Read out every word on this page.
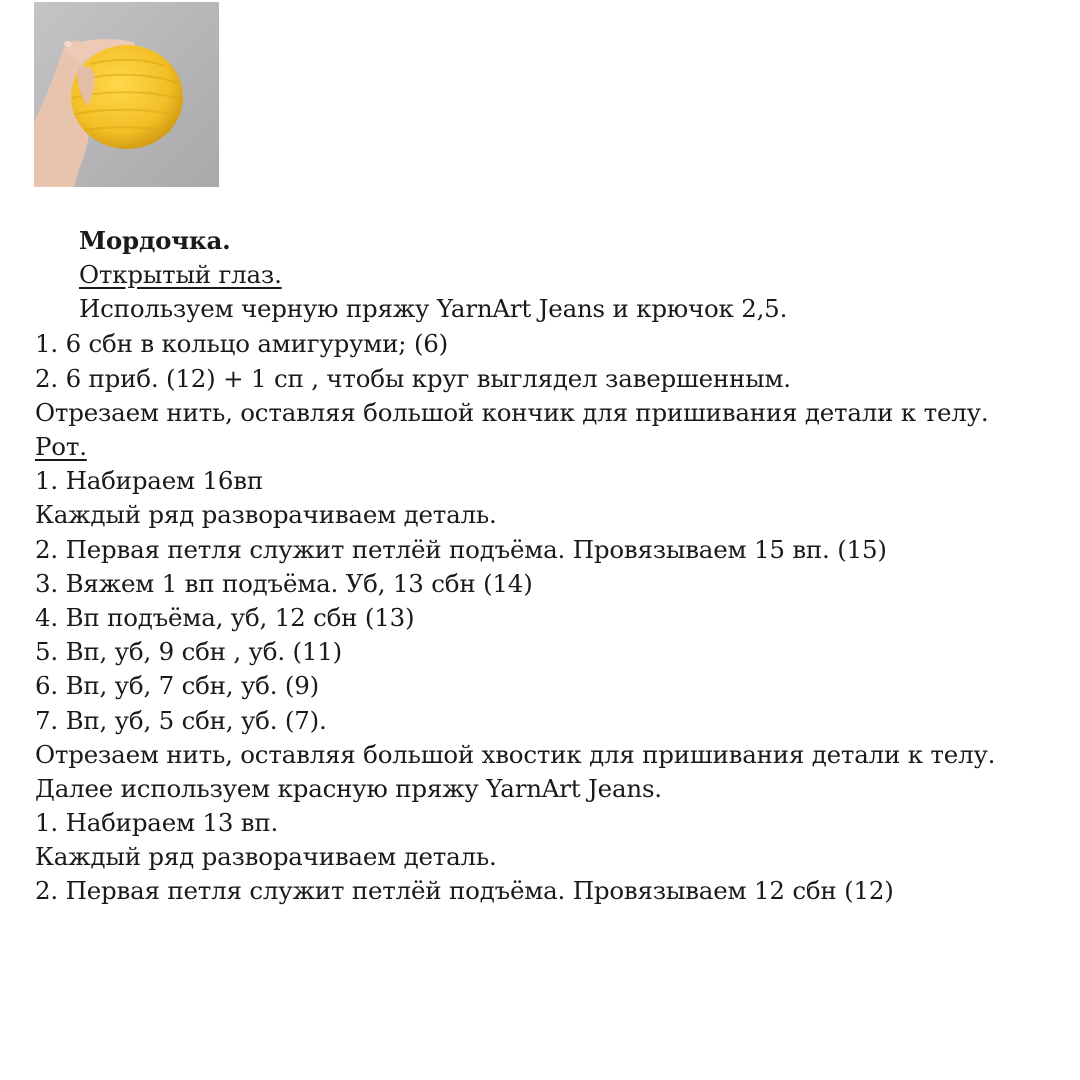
Мордочка.
Открытый глаз.
Используем черную пряжу YarnArt Jeans и крючок 2,5.
1. 6 сбн в кольцо амигуруми; (6)
2. 6 приб. (12) + 1 сп , чтобы круг выглядел завершенным.
Отрезаем нить, оставляя большой кончик для пришивания детали к телу.
Рот.
1. Набираем 16вп
Каждый ряд разворачиваем деталь.
2. Первая петля служит петлёй подъёма. Провязываем 15 вп. (15)
3. Вяжем 1 вп подъёма. Уб, 13 сбн (14)
4. Вп подъёма, уб, 12 сбн (13)
5. Вп, уб, 9 сбн , уб. (11)
6. Вп, уб, 7 сбн, уб. (9)
7. Вп, уб, 5 сбн, уб. (7).
Отрезаем нить, оставляя большой хвостик для пришивания детали к телу.
Далее используем красную пряжу YarnArt Jeans.
1. Набираем 13 вп.
Каждый ряд разворачиваем деталь.
2. Первая петля служит петлёй подъёма. Провязываем 12 сбн (12)
